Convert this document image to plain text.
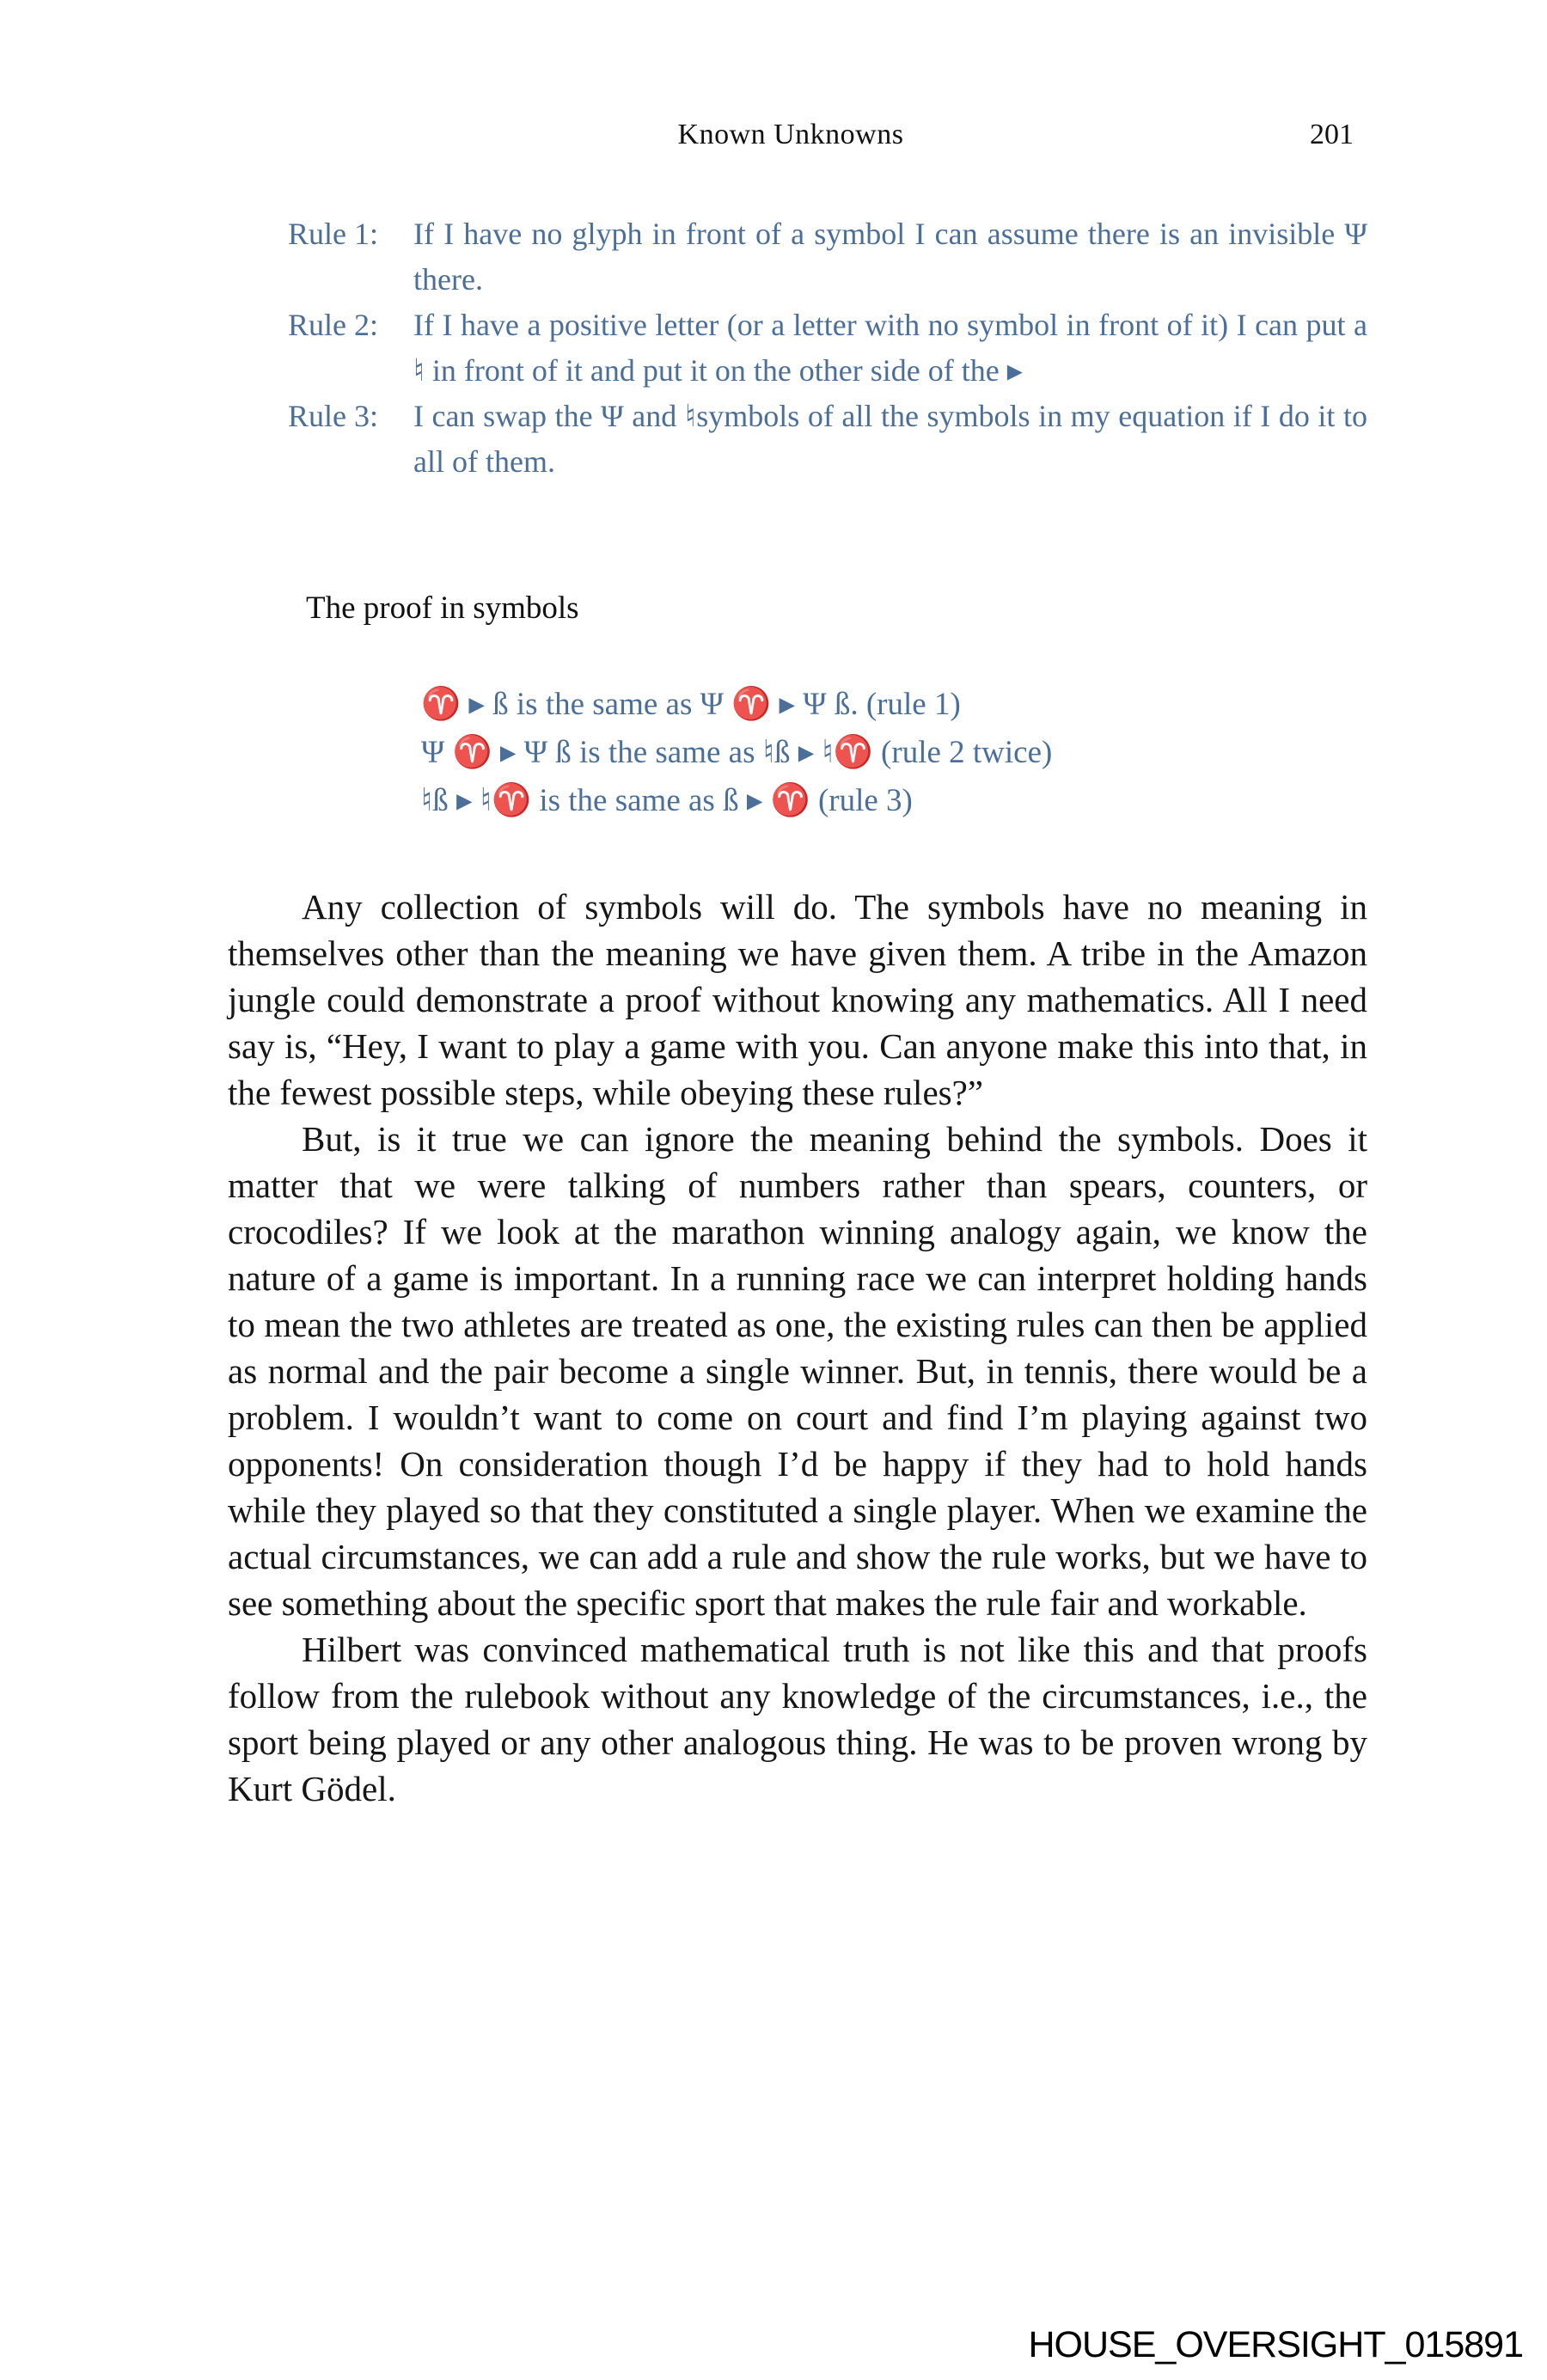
Known Unknowns	201
Rule 1: If I have no glyph in front of a symbol I can assume there is an invisible Ψ there.
Rule 2: If I have a positive letter (or a letter with no symbol in front of it) I can put a ♮ in front of it and put it on the other side of the ▸
Rule 3: I can swap the Ψ and ♮symbols of all the symbols in my equation if I do it to all of them.
The proof in symbols
♈ ▸ ß is the same as Ψ ♈ ▸ Ψ ß. (rule 1)
Ψ ♈ ▸ Ψ ß is the same as ♮ß ▸ ♮♈ (rule 2 twice)
♮ß ▸ ♮♈ is the same as ß ▸ ♈ (rule 3)

Any collection of symbols will do. The symbols have no meaning in themselves other than the meaning we have given them. A tribe in the Amazon jungle could demonstrate a proof without knowing any mathematics. All I need say is, “Hey, I want to play a game with you. Can anyone make this into that, in the fewest possible steps, while obeying these rules?”

But, is it true we can ignore the meaning behind the symbols. Does it matter that we were talking of numbers rather than spears, counters, or crocodiles? If we look at the marathon winning analogy again, we know the nature of a game is important. In a running race we can interpret holding hands to mean the two athletes are treated as one, the existing rules can then be applied as normal and the pair become a single winner. But, in tennis, there would be a problem. I wouldn’t want to come on court and find I’m playing against two opponents! On consideration though I’d be happy if they had to hold hands while they played so that they constituted a single player. When we examine the actual circumstances, we can add a rule and show the rule works, but we have to see something about the specific sport that makes the rule fair and workable.

Hilbert was convinced mathematical truth is not like this and that proofs follow from the rulebook without any knowledge of the circumstances, i.e., the sport being played or any other analogous thing. He was to be proven wrong by Kurt Gödel.

HOUSE_OVERSIGHT_015891
